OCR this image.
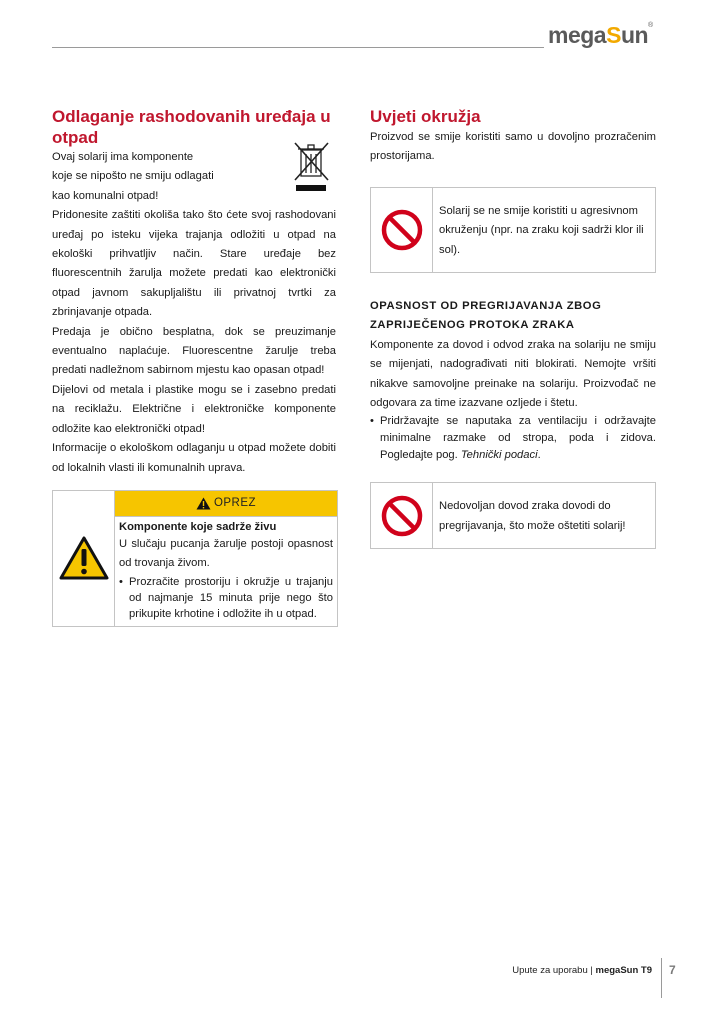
megaSun®
Odlaganje rashodovanih uređaja u otpad
Ovaj solarij ima komponente
koje se nipošto ne smiju odlagati
kao komunalni otpad!
Pridonesite zaštiti okoliša tako što ćete svoj rashodovani uređaj po isteku vijeka trajanja odložiti u otpad na ekološki prihvatljiv način. Stare uređaje bez fluorescentnih žarulja možete predati kao elektronički otpad javnom sakupljalištu ili privatnoj tvrtki za zbrinjavanje otpada.
Predaja je obično besplatna, dok se preuzimanje eventualno naplaćuje. Fluorescentne žarulje treba predati nadležnom sabirnom mjestu kao opasan otpad!
Dijelovi od metala i plastike mogu se i zasebno predati na reciklažu. Električne i elektroničke komponente odložite kao elektronički otpad!
Informacije o ekološkom odlaganju u otpad možete dobiti od lokalnih vlasti ili komunalnih uprava.
OPREZ
Komponente koje sadrže živu
U slučaju pucanja žarulje postoji opasnost od trovanja živom.
• Prozračite prostoriju i okružje u trajanju od najmanje 15 minuta prije nego što prikupite krhotine i odložite ih u otpad.
Uvjeti okružja
Proizvod se smije koristiti samo u dovoljno prozračenim prostorijama.
Solarij se ne smije koristiti u agresivnom okruženju (npr. na zraku koji sadrži klor ili sol).
OPASNOST OD PREGRIJAVANJA ZBOG ZAPRIJEČENOG PROTOKA ZRAKA
Komponente za dovod i odvod zraka na solariju ne smiju se mijenjati, nadograđivati niti blokirati. Nemojte vršiti nikakve samovoljne preinake na solariju. Proizvođač ne odgovara za time izazvane ozljede i štetu.
• Pridržavajte se naputaka za ventilaciju i održavajte minimalne razmake od stropa, poda i zidova. Pogledajte pog. Tehnički podaci.
Nedovoljan dovod zraka dovodi do pregrijavanja, što može oštetiti solarij!
Upute za uporabu | megaSun T9 7
